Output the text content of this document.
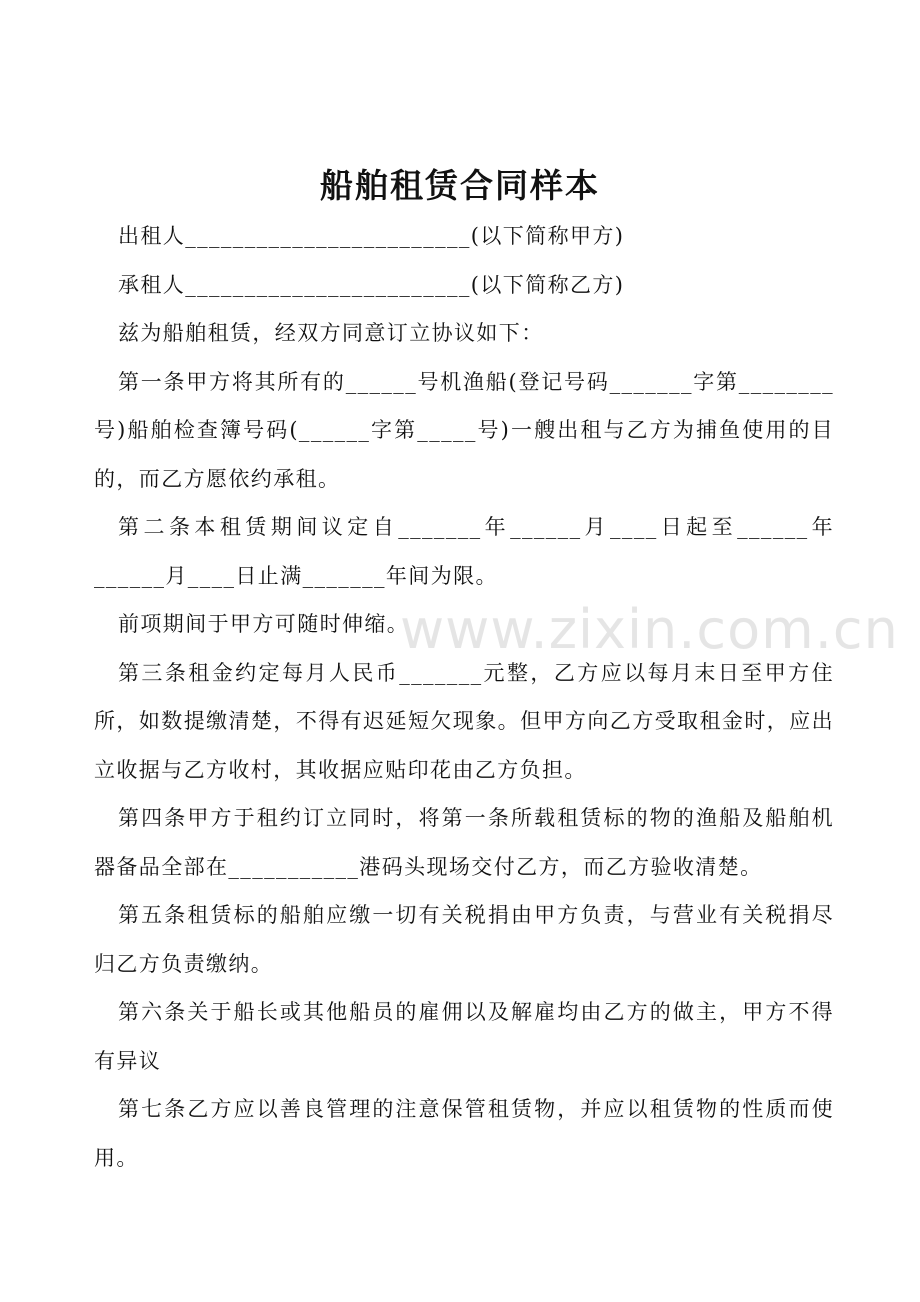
船舶租赁合同样本

出租人________________________(以下简称甲方)

承租人________________________(以下简称乙方)

兹为船舶租赁，经双方同意订立协议如下：

第一条甲方将其所有的______号机渔船(登记号码_______字第________号)船舶检查簿号码(______字第_____号)一艘出租与乙方为捕鱼使用的目的，而乙方愿依约承租。

第二条本租赁期间议定自_______年______月____日起至______年______月____日止满_______年间为限。

前项期间于甲方可随时伸缩。

第三条租金约定每月人民币_______元整，乙方应以每月末日至甲方住所，如数提缴清楚，不得有迟延短欠现象。但甲方向乙方受取租金时，应出立收据与乙方收村，其收据应贴印花由乙方负担。

第四条甲方于租约订立同时，将第一条所载租赁标的物的渔船及船舶机器备品全部在___________港码头现场交付乙方，而乙方验收清楚。

第五条租赁标的船舶应缴一切有关税捐由甲方负责，与营业有关税捐尽归乙方负责缴纳。

第六条关于船长或其他船员的雇佣以及解雇均由乙方的做主，甲方不得有异议

第七条乙方应以善良管理的注意保管租赁物，并应以租赁物的性质而使用。

www.zixin.com.cn
